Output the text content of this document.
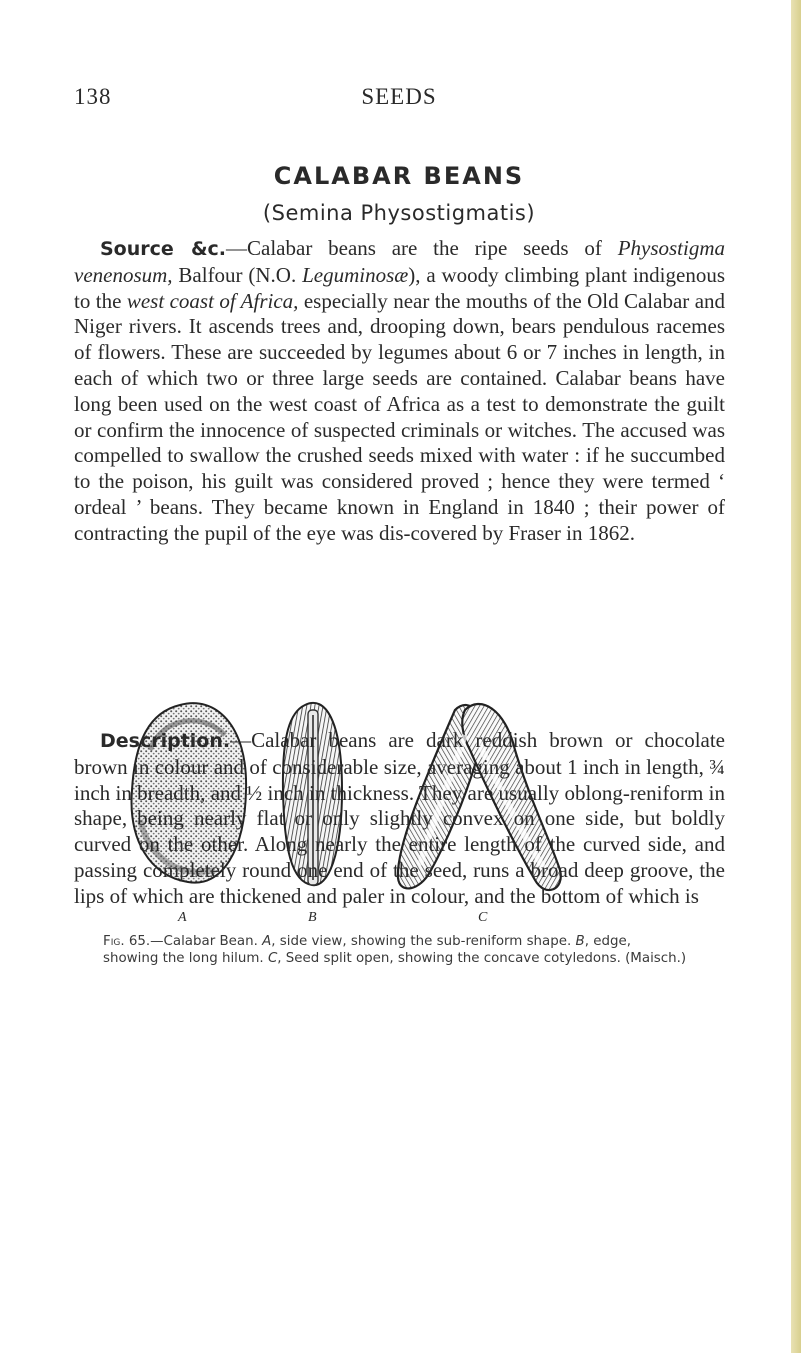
138	SEEDS
CALABAR BEANS
(Semina Physostigmatis)

Source &c.—Calabar beans are the ripe seeds of Physostigma venenosum, Balfour (N.O. Leguminosæ), a woody climbing plant indigenous to the west coast of Africa, especially near the mouths of the Old Calabar and Niger rivers. It ascends trees and, drooping down, bears pendulous racemes of flowers. These are succeeded by legumes about 6 or 7 inches in length, in each of which two or three large seeds are contained. Calabar beans have long been used on the west coast of Africa as a test to demonstrate the guilt or confirm the innocence of suspected criminals or witches. The accused was compelled to swallow the crushed seeds mixed with water : if he succumbed to the poison, his guilt was considered proved ; hence they were termed ‘ ordeal ’ beans. They became known in England in 1840 ; their power of contracting the pupil of the eye was dis-covered by Fraser in 1862.

A	B	C
Fig. 65.—Calabar Bean. A, side view, showing the sub-reniform shape. B, edge, showing the long hilum. C, Seed split open, showing the concave cotyledons. (Maisch.)

Description.—Calabar beans are dark reddish brown or chocolate brown in colour and of considerable size, averaging about 1 inch in length, ¾ inch in breadth, and ½ inch in thickness. They are usually oblong-reniform in shape, being nearly flat or only slightly convex on one side, but boldly curved on the other. Along nearly the entire length of the curved side, and passing completely round one end of the seed, runs a broad deep groove, the lips of which are thickened and paler in colour, and the bottom of which is
